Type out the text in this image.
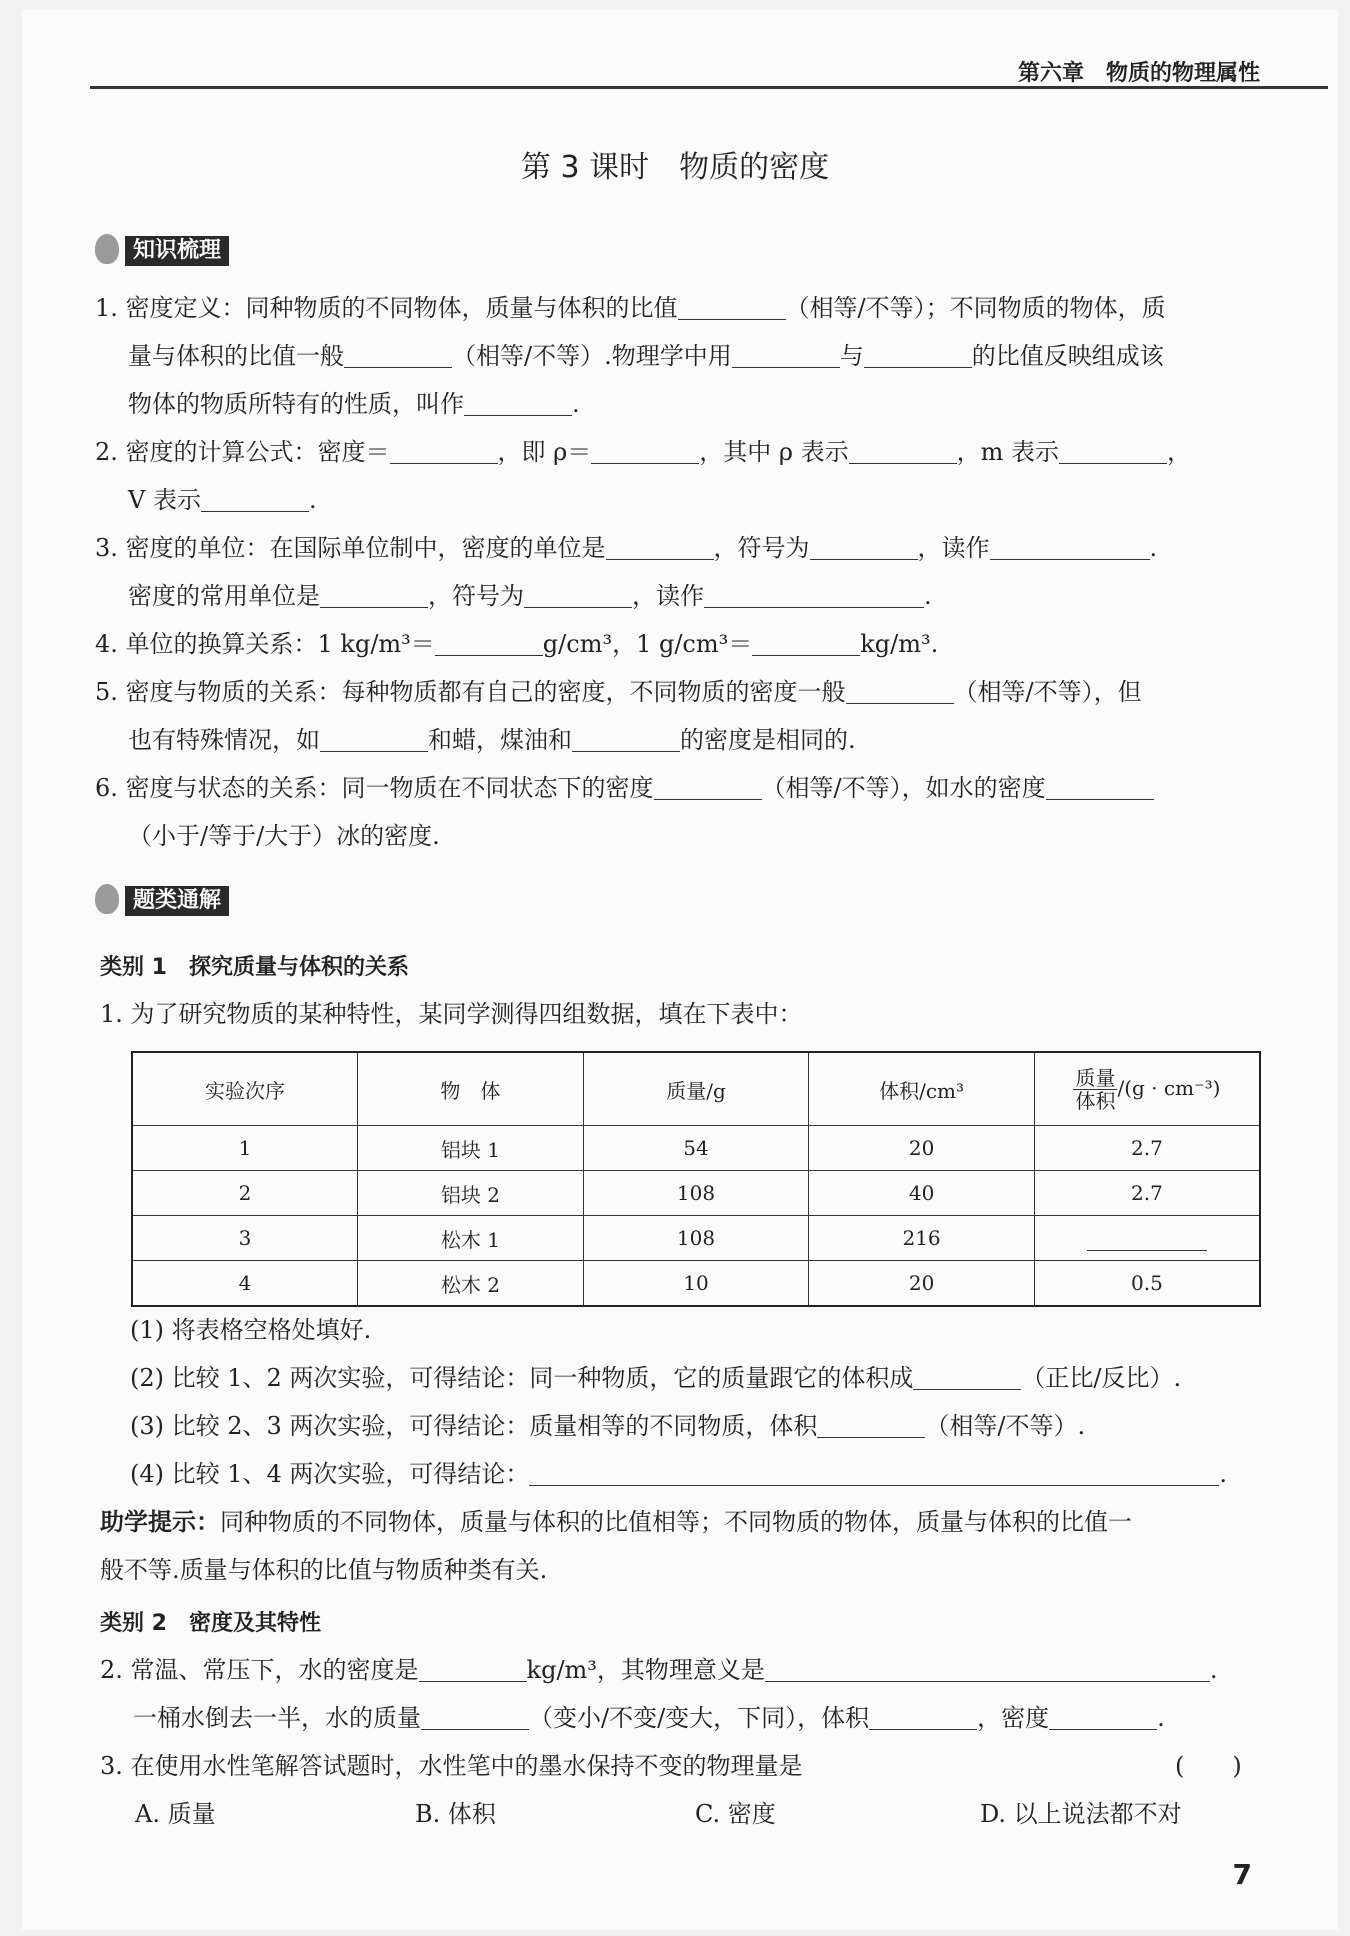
第六章　物质的物理属性
第 3 课时　物质的密度
知识梳理
1. 密度定义：同种物质的不同物体，质量与体积的比值	（相等/不等）；不同物质的物体，质
量与体积的比值一般	（相等/不等）.物理学中用	与	的比值反映组成该
物体的物质所特有的性质，叫作	.
2. 密度的计算公式：密度＝	，即 ρ＝	，其中 ρ 表示	，m 表示	，
V 表示	.
3. 密度的单位：在国际单位制中，密度的单位是	，符号为	，读作	.
密度的常用单位是	，符号为	，读作	.
4. 单位的换算关系：1 kg/m³＝	g/cm³，1 g/cm³＝	kg/m³.
5. 密度与物质的关系：每种物质都有自己的密度，不同物质的密度一般	（相等/不等），但
也有特殊情况，如	和蜡，煤油和	的密度是相同的.
6. 密度与状态的关系：同一物质在不同状态下的密度	（相等/不等），如水的密度
（小于/等于/大于）冰的密度.
题类通解
类别 1　探究质量与体积的关系
1. 为了研究物质的某种特性，某同学测得四组数据，填在下表中：
实验次序	物　体	质量/g	体积/cm³	$\frac{\text{质量}}{\text{体积}} /(g \cdot cm^{-3})$
1	铝块 1	54	20	2.7
2	铝块 2	108	40	2.7
3	松木 1	108	216	
4	松木 2	10	20	0.5
(1) 将表格空格处填好.
(2) 比较 1、2 两次实验，可得结论：同一种物质，它的质量跟它的体积成	（正比/反比）.
(3) 比较 2、3 两次实验，可得结论：质量相等的不同物质，体积	（相等/不等）.
(4) 比较 1、4 两次实验，可得结论：	.
助学提示：同种物质的不同物体，质量与体积的比值相等；不同物质的物体，质量与体积的比值一
般不等.质量与体积的比值与物质种类有关.
类别 2　密度及其特性
2. 常温、常压下，水的密度是	kg/m³，其物理意义是	.
一桶水倒去一半，水的质量	（变小/不变/变大，下同），体积	，密度	.
3. 在使用水性笔解答试题时，水性笔中的墨水保持不变的物理量是	(　　)
A. 质量	B. 体积	C. 密度	D. 以上说法都不对
7
